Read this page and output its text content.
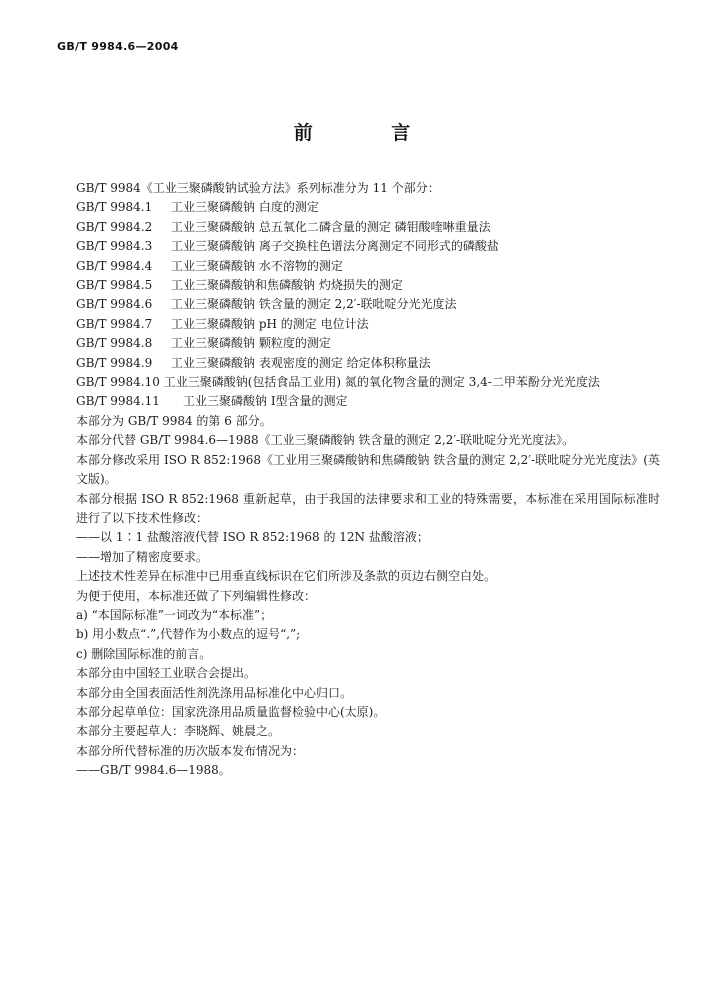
GB/T 9984.6—2004
前 言

GB/T 9984《工业三聚磷酸钠试验方法》系列标准分为 11 个部分：

GB/T 9984.1	工业三聚磷酸钠 白度的测定

GB/T 9984.2	工业三聚磷酸钠 总五氧化二磷含量的测定 磷钼酸喹啉重量法

GB/T 9984.3	工业三聚磷酸钠 离子交换柱色谱法分离测定不同形式的磷酸盐

GB/T 9984.4	工业三聚磷酸钠 水不溶物的测定

GB/T 9984.5	工业三聚磷酸钠和焦磷酸钠 灼烧损失的测定

GB/T 9984.6	工业三聚磷酸钠 铁含量的测定 2,2′-联吡啶分光光度法

GB/T 9984.7	工业三聚磷酸钠 pH 的测定 电位计法

GB/T 9984.8	工业三聚磷酸钠 颗粒度的测定

GB/T 9984.9	工业三聚磷酸钠 表观密度的测定 给定体积称量法

GB/T 9984.10 工业三聚磷酸钠(包括食品工业用) 氮的氧化物含量的测定 3,4-二甲苯酚分光光度法

GB/T 9984.11	工业三聚磷酸钠 Ⅰ型含量的测定

本部分为 GB/T 9984 的第 6 部分。

本部分代替 GB/T 9984.6—1988《工业三聚磷酸钠 铁含量的测定 2,2′-联吡啶分光光度法》。

本部分修改采用 ISO R 852:1968《工业用三聚磷酸钠和焦磷酸钠 铁含量的测定 2,2′-联吡啶分光光度法》(英文版)。

本部分根据 ISO R 852:1968 重新起草，由于我国的法律要求和工业的特殊需要，本标准在采用国际标准时进行了以下技术性修改：

——以 1∶1 盐酸溶液代替 ISO R 852:1968 的 12N 盐酸溶液；

——增加了精密度要求。

上述技术性差异在标准中已用垂直线标识在它们所涉及条款的页边右侧空白处。

为便于使用，本标准还做了下列编辑性修改：

a) “本国际标准”一词改为“本标准”；

b) 用小数点“.”,代替作为小数点的逗号“,”;

c) 删除国际标准的前言。

本部分由中国轻工业联合会提出。

本部分由全国表面活性剂洗涤用品标准化中心归口。

本部分起草单位：国家洗涤用品质量监督检验中心(太原)。

本部分主要起草人：李晓辉、姚晨之。

本部分所代替标准的历次版本发布情况为：

——GB/T 9984.6—1988。
